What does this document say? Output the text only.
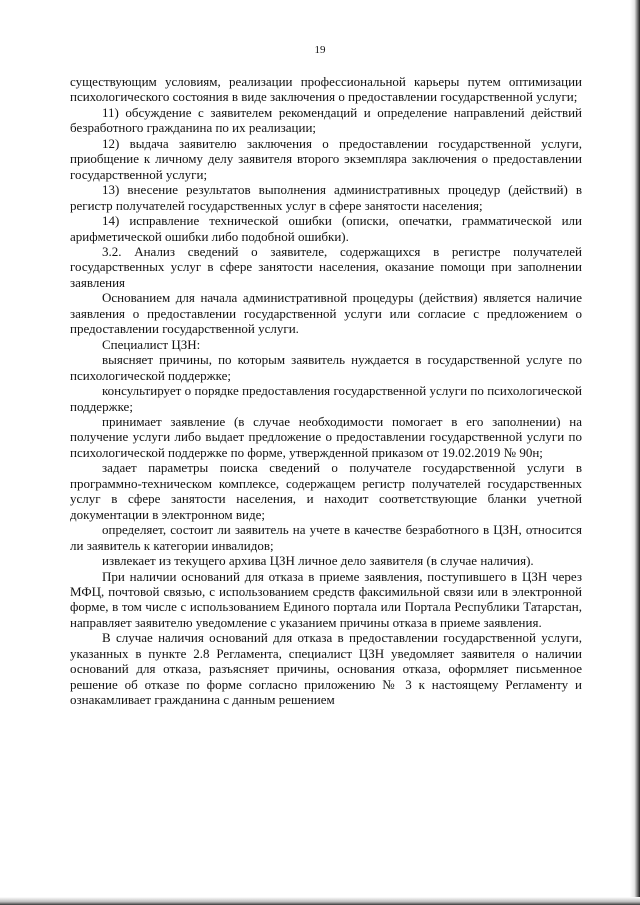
19

существующим условиям, реализации профессиональной карьеры путем оптимизации психологического состояния в виде заключения о предоставлении государственной услуги;

11) обсуждение с заявителем рекомендаций и определение направлений действий безработного гражданина по их реализации;

12) выдача заявителю заключения о предоставлении государственной услуги, приобщение к личному делу заявителя второго экземпляра заключения о предоставлении государственной услуги;

13) внесение результатов выполнения административных процедур (действий) в регистр получателей государственных услуг в сфере занятости населения;

14) исправление технической ошибки (описки, опечатки, грамматической или арифметической ошибки либо подобной ошибки).

3.2. Анализ сведений о заявителе, содержащихся в регистре получателей государственных услуг в сфере занятости населения, оказание помощи при заполнении заявления

Основанием для начала административной процедуры (действия) является наличие заявления о предоставлении государственной услуги или согласие с предложением о предоставлении государственной услуги.

Специалист ЦЗН:

выясняет причины, по которым заявитель нуждается в государственной услуге по психологической поддержке;

консультирует о порядке предоставления государственной услуги по психологической поддержке;

принимает заявление (в случае необходимости помогает в его заполнении) на получение услуги либо выдает предложение о предоставлении государственной услуги по психологической поддержке по форме, утвержденной приказом от 19.02.2019 № 90н;

задает параметры поиска сведений о получателе государственной услуги в программно-техническом комплексе, содержащем регистр получателей государственных услуг в сфере занятости населения, и находит соответствующие бланки учетной документации в электронном виде;

определяет, состоит ли заявитель на учете в качестве безработного в ЦЗН, относится ли заявитель к категории инвалидов;

извлекает из текущего архива ЦЗН личное дело заявителя (в случае наличия).

При наличии оснований для отказа в приеме заявления, поступившего в ЦЗН через МФЦ, почтовой связью, с использованием средств факсимильной связи или в электронной форме, в том числе с использованием Единого портала или Портала Республики Татарстан, направляет заявителю уведомление с указанием причины отказа в приеме заявления.

В случае наличия оснований для отказа в предоставлении государственной услуги, указанных в пункте 2.8 Регламента, специалист ЦЗН уведомляет заявителя о наличии оснований для отказа, разъясняет причины, основания отказа, оформляет письменное решение об отказе по форме согласно приложению № 3 к настоящему Регламенту и ознакамливает гражданина с данным решением
